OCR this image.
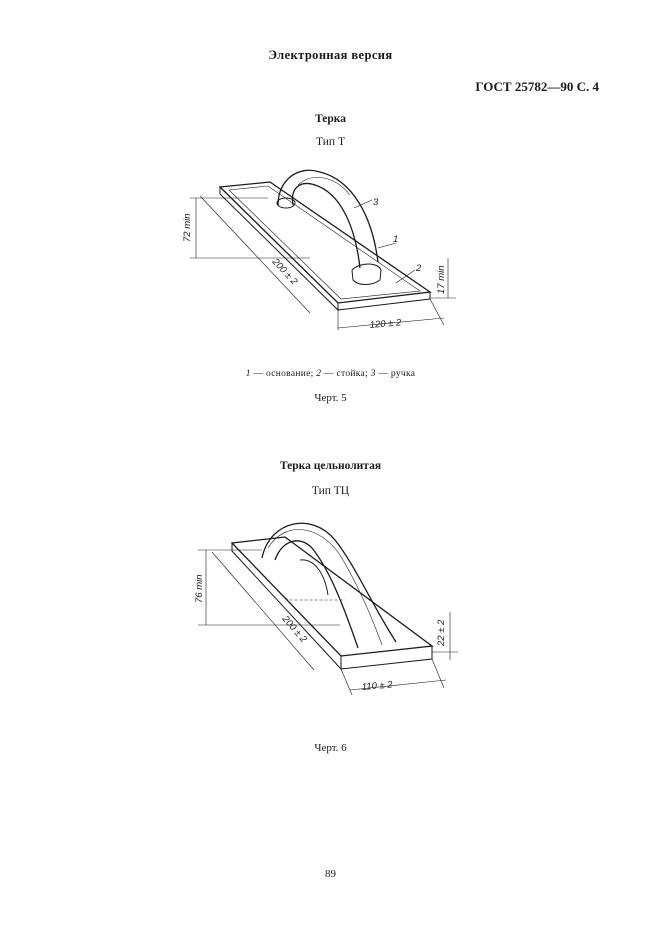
Электронная версия
ГОСТ 25782—90 С. 4
Терка
Тип Т
3
1
2
72 min
200 ± 2	17 min
120 ± 2
1 — основание; 2 — стойка; 3 — ручка
Черт. 5
Терка цельнолитая
Тип ТЦ
76 min
200 ± 2	22 ± 2
110 ± 2
Черт. 6
89
